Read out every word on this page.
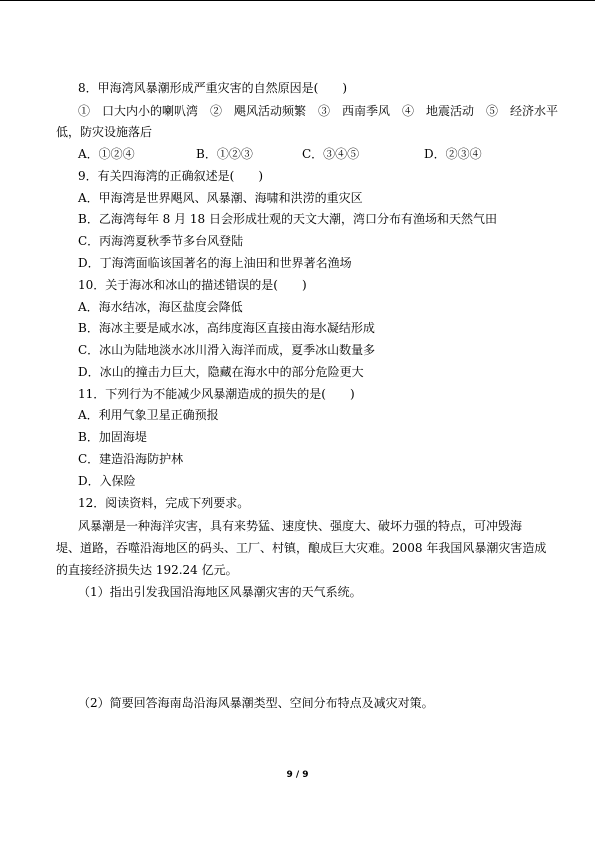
8．甲海湾风暴潮形成严重灾害的自然原因是(　　)
①　口大内小的喇叭湾　②　飓风活动频繁　③　西南季风　④　地震活动　⑤　经济水平
低，防灾设施落后
A．①②④	B．①②③	C．③④⑤	D．②③④
9．有关四海湾的正确叙述是(　　)
A．甲海湾是世界飓风、风暴潮、海啸和洪涝的重灾区
B．乙海湾每年 8 月 18 日会形成壮观的天文大潮，湾口分布有渔场和天然气田
C．丙海湾夏秋季节多台风登陆
D．丁海湾面临该国著名的海上油田和世界著名渔场
10．关于海冰和冰山的描述错误的是(　　)
A．海水结冰，海区盐度会降低
B．海冰主要是咸水冰，高纬度海区直接由海水凝结形成
C．冰山为陆地淡水冰川滑入海洋而成，夏季冰山数量多
D．冰山的撞击力巨大，隐藏在海水中的部分危险更大
11．下列行为不能减少风暴潮造成的损失的是(　　)
A．利用气象卫星正确预报
B．加固海堤
C．建造沿海防护林
D．入保险
12．阅读资料，完成下列要求。
风暴潮是一种海洋灾害，具有来势猛、速度快、强度大、破坏力强的特点，可冲毁海
堤、道路，吞噬沿海地区的码头、工厂、村镇，酿成巨大灾难。2008 年我国风暴潮灾害造成
的直接经济损失达 192.24 亿元。
（1）指出引发我国沿海地区风暴潮灾害的天气系统。
（2）简要回答海南岛沿海风暴潮类型、空间分布特点及减灾对策。
9 / 9
